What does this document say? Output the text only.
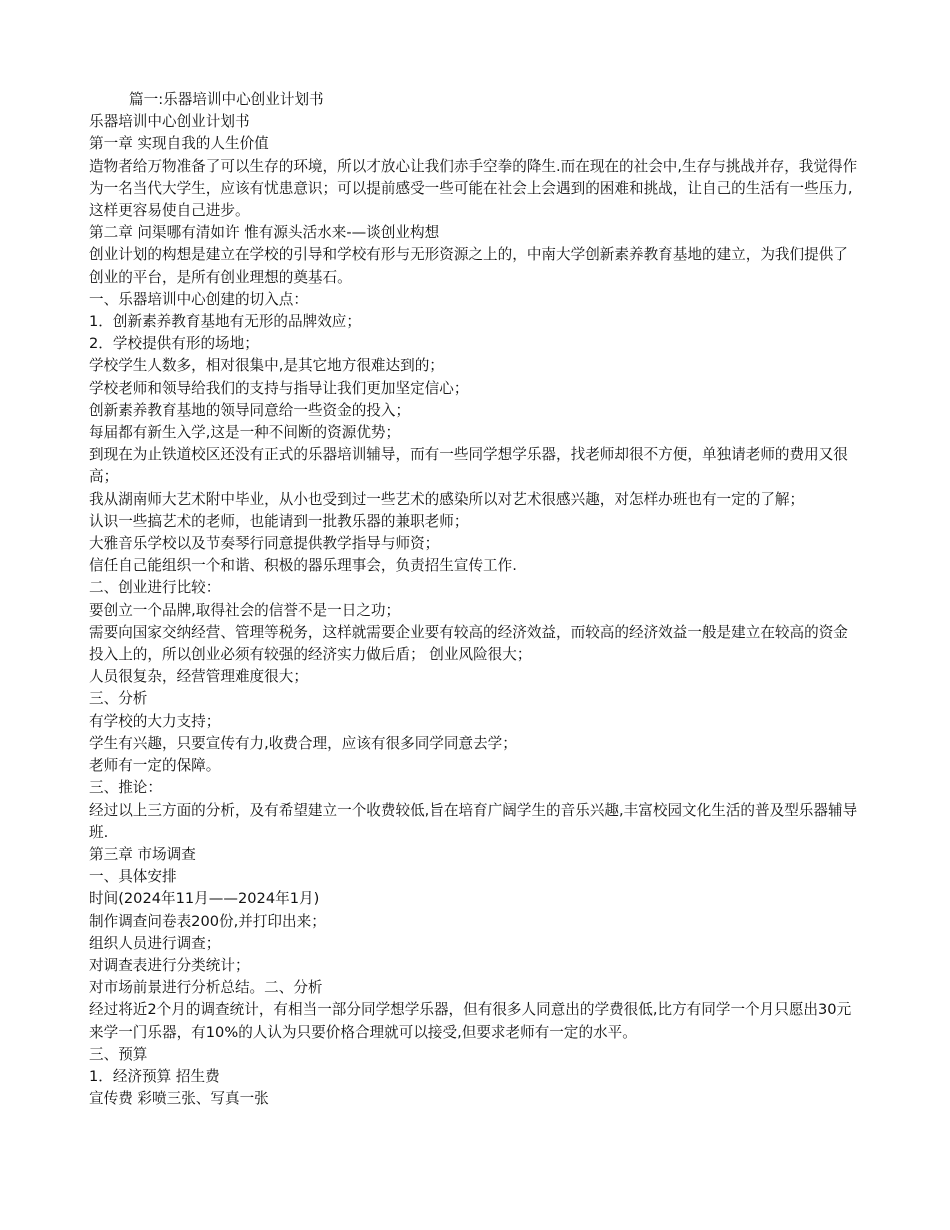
篇一:乐器培训中心创业计划书

乐器培训中心创业计划书

第一章 实现自我的人生价值

造物者给万物准备了可以生存的环境，所以才放心让我们赤手空拳的降生.而在现在的社会中,生存与挑战并存，我觉得作为一名当代大学生，应该有忧患意识；可以提前感受一些可能在社会上会遇到的困难和挑战，让自己的生活有一些压力,这样更容易使自己进步。

第二章 问渠哪有清如许 惟有源头活水来-—谈创业构想

创业计划的构想是建立在学校的引导和学校有形与无形资源之上的，中南大学创新素养教育基地的建立，为我们提供了创业的平台，是所有创业理想的奠基石。

一、乐器培训中心创建的切入点：

1．创新素养教育基地有无形的品牌效应；

2．学校提供有形的场地；

学校学生人数多，相对很集中,是其它地方很难达到的；

学校老师和领导给我们的支持与指导让我们更加坚定信心；

创新素养教育基地的领导同意给一些资金的投入；

每届都有新生入学,这是一种不间断的资源优势；

到现在为止铁道校区还没有正式的乐器培训辅导，而有一些同学想学乐器，找老师却很不方便，单独请老师的费用又很高；

我从湖南师大艺术附中毕业，从小也受到过一些艺术的感染所以对艺术很感兴趣，对怎样办班也有一定的了解；

认识一些搞艺术的老师，也能请到一批教乐器的兼职老师；

大雅音乐学校以及节奏琴行同意提供教学指导与师资；

信任自己能组织一个和谐、积极的器乐理事会，负责招生宣传工作.

二、创业进行比较：

要创立一个品牌,取得社会的信誉不是一日之功；

需要向国家交纳经营、管理等税务，这样就需要企业要有较高的经济效益，而较高的经济效益一般是建立在较高的资金投入上的，所以创业必须有较强的经济实力做后盾； 创业风险很大；

人员很复杂，经营管理难度很大；

三、分析

有学校的大力支持；

学生有兴趣，只要宣传有力,收费合理，应该有很多同学同意去学；

老师有一定的保障。

三、推论：

经过以上三方面的分析，及有希望建立一个收费较低,旨在培育广阔学生的音乐兴趣,丰富校园文化生活的普及型乐器辅导班.

第三章 市场调查

一、具体安排

时间(2024年11月——2024年1月)

制作调查问卷表200份,并打印出来；

组织人员进行调查；

对调查表进行分类统计；

对市场前景进行分析总结。二、分析

经过将近2个月的调查统计，有相当一部分同学想学乐器，但有很多人同意出的学费很低,比方有同学一个月只愿出30元来学一门乐器，有10%的人认为只要价格合理就可以接受,但要求老师有一定的水平。

三、预算

1．经济预算 招生费

宣传费 彩喷三张、写真一张
